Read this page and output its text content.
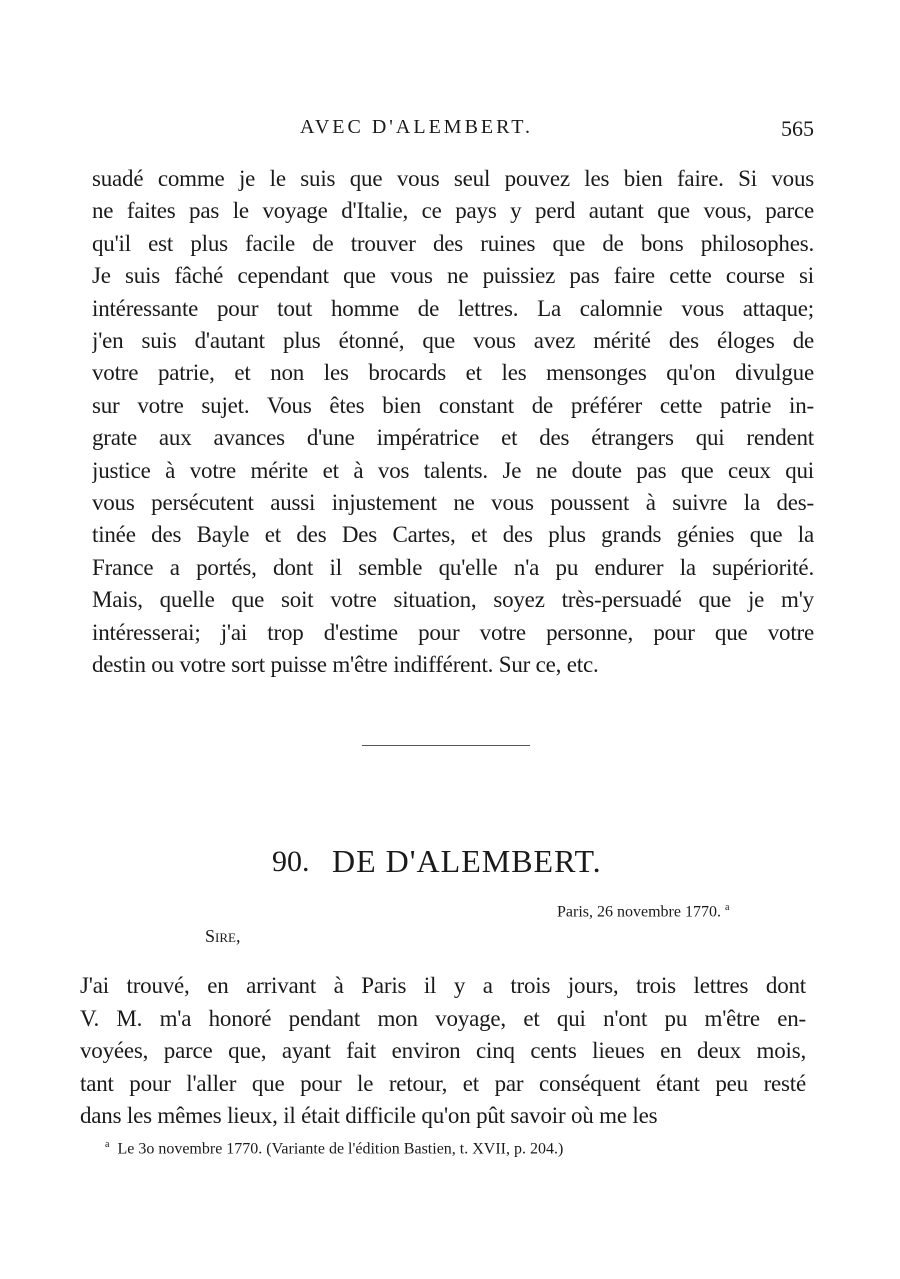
AVEC D'ALEMBERT.	565
suadé comme je le suis que vous seul pouvez les bien faire. Si vous
ne faites pas le voyage d'Italie, ce pays y perd autant que vous, parce
qu'il est plus facile de trouver des ruines que de bons philosophes.
Je suis fâché cependant que vous ne puissiez pas faire cette course si
intéressante pour tout homme de lettres. La calomnie vous attaque;
j'en suis d'autant plus étonné, que vous avez mérité des éloges de
votre patrie, et non les brocards et les mensonges qu'on divulgue
sur votre sujet. Vous êtes bien constant de préférer cette patrie in-
grate aux avances d'une impératrice et des étrangers qui rendent
justice à votre mérite et à vos talents. Je ne doute pas que ceux qui
vous persécutent aussi injustement ne vous poussent à suivre la des-
tinée des Bayle et des Des Cartes, et des plus grands génies que la
France a portés, dont il semble qu'elle n'a pu endurer la supériorité.
Mais, quelle que soit votre situation, soyez très-persuadé que je m'y
intéresserai; j'ai trop d'estime pour votre personne, pour que votre
destin ou votre sort puisse m'être indifférent. Sur ce, etc.
90. DE D'ALEMBERT.
Paris, 26 novembre 1770. $^a$
Sire,
J'ai trouvé, en arrivant à Paris il y a trois jours, trois lettres dont
V. M. m'a honoré pendant mon voyage, et qui n'ont pu m'être en-
voyées, parce que, ayant fait environ cinq cents lieues en deux mois,
tant pour l'aller que pour le retour, et par conséquent étant peu resté
dans les mêmes lieux, il était difficile qu'on pût savoir où me les
$^a$ Le 3o novembre 1770. (Variante de l'édition Bastien, t. XVII, p. 204.)
